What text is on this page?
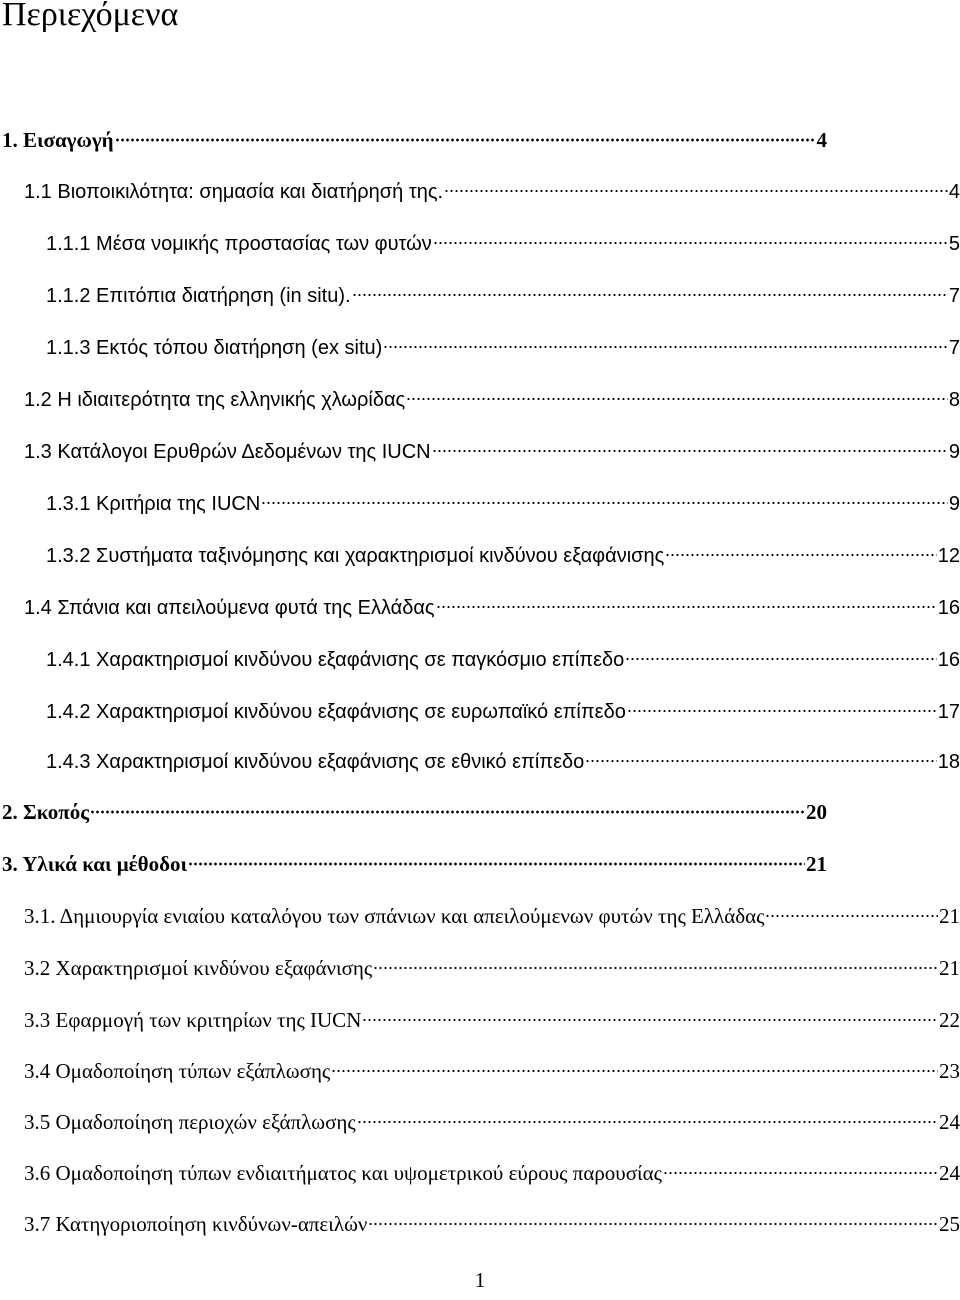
Περιεχόμενα
1. Εισαγωγή	4
1.1 Βιοποικιλότητα: σημασία και διατήρησή της.	4
1.1.1 Μέσα νομικής προστασίας των φυτών	5
1.1.2 Επιτόπια διατήρηση (in situ).	7
1.1.3 Εκτός τόπου διατήρηση (ex situ)	7
1.2 Η ιδιαιτερότητα της ελληνικής χλωρίδας	8
1.3 Κατάλογοι Ερυθρών Δεδομένων της IUCN	9
1.3.1 Κριτήρια της IUCN	9
1.3.2 Συστήματα ταξινόμησης και χαρακτηρισμοί κινδύνου εξαφάνισης	12
1.4 Σπάνια και απειλούμενα φυτά της Ελλάδας	16
1.4.1 Χαρακτηρισμοί κινδύνου εξαφάνισης σε παγκόσμιο επίπεδο	16
1.4.2 Χαρακτηρισμοί κινδύνου εξαφάνισης σε ευρωπαϊκό επίπεδο	17
1.4.3 Χαρακτηρισμοί κινδύνου εξαφάνισης σε εθνικό επίπεδο	18
2. Σκοπός	20
3. Υλικά και μέθοδοι	21
3.1. Δημιουργία ενιαίου καταλόγου των σπάνιων και απειλούμενων φυτών της Ελλάδας	21
3.2 Χαρακτηρισμοί κινδύνου εξαφάνισης	21
3.3 Εφαρμογή των κριτηρίων της IUCN	22
3.4 Ομαδοποίηση τύπων εξάπλωσης	23
3.5 Ομαδοποίηση περιοχών εξάπλωσης	24
3.6 Ομαδοποίηση τύπων ενδιαιτήματος και υψομετρικού εύρους παρουσίας	24
3.7 Κατηγοριοποίηση κινδύνων-απειλών	25
1
